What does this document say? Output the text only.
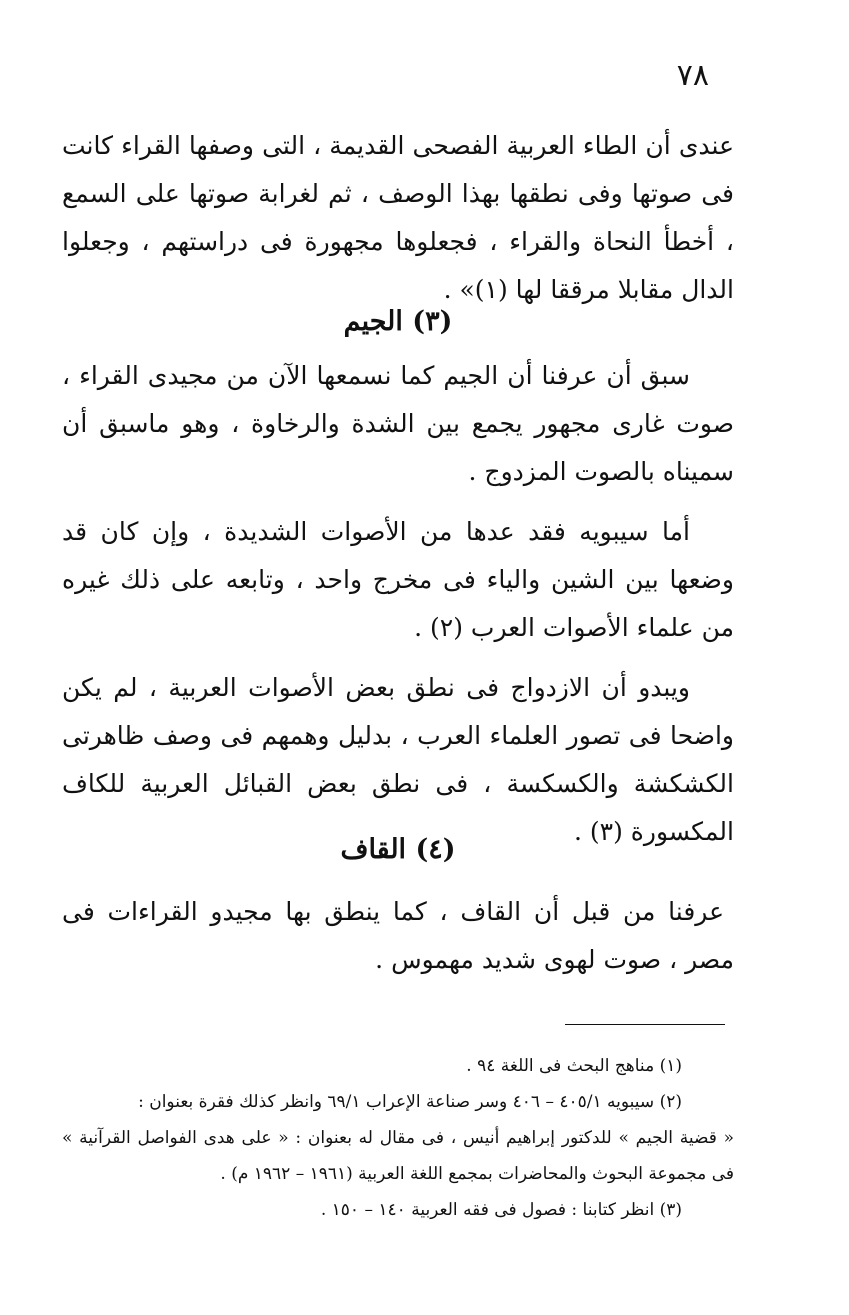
٧٨

عندى أن الطاء العربية الفصحى القديمة ، التى وصفها القراء كانت فى صوتها وفى نطقها بهذا الوصف ، ثم لغرابة صوتها على السمع ، أخطأ النحاة والقراء ، فجعلوها مجهورة فى دراستهم ، وجعلوا الدال مقابلا مرققا لها (١)» .

(٣) الجيم

سبق أن عرفنا أن الجيم كما نسمعها الآن من مجيدى القراء ، صوت غارى مجهور يجمع بين الشدة والرخاوة ، وهو ماسبق أن سميناه بالصوت المزدوج .

أما سيبويه فقد عدها من الأصوات الشديدة ، وإن كان قد وضعها بين الشين والياء فى مخرج واحد ، وتابعه على ذلك غيره من علماء الأصوات العرب (٢) .

ويبدو أن الازدواج فى نطق بعض الأصوات العربية ، لم يكن واضحا فى تصور العلماء العرب ، بدليل وهمهم فى وصف ظاهرتى الكشكشة والكسكسة ، فى نطق بعض القبائل العربية للكاف المكسورة (٣) .

(٤) القاف

عرفنا من قبل أن القاف ، كما ينطق بها مجيدو القراءات فى مصر ، صوت لهوى شديد مهموس .

(١) مناهج البحث فى اللغة ٩٤ .

(٢) سيبويه ٤٠٥/١ – ٤٠٦ وسر صناعة الإعراب ٦٩/١ وانظر كذلك فقرة بعنوان :

« قضية الجيم » للدكتور إبراهيم أنيس ، فى مقال له بعنوان : « على هدى الفواصل القرآنية » فى مجموعة البحوث والمحاضرات بمجمع اللغة العربية (١٩٦١ – ١٩٦٢ م) .

(٣) انظر كتابنا : فصول فى فقه العربية ١٤٠ – ١٥٠ .
